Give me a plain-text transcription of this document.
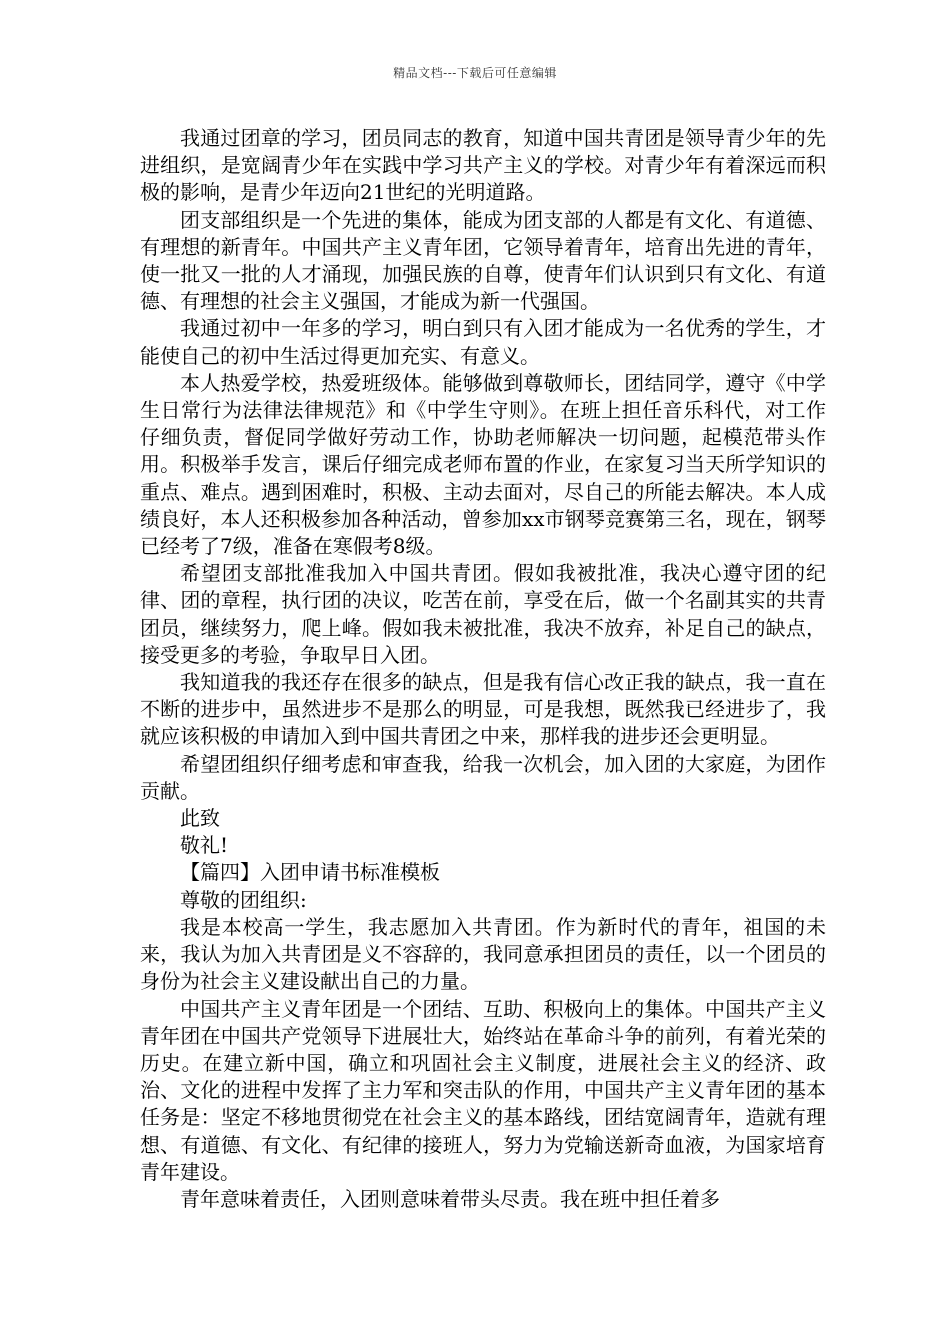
精品文档---下载后可任意编辑

我通过团章的学习，团员同志的教育，知道中国共青团是领导青少年的先进组织，是宽阔青少年在实践中学习共产主义的学校。对青少年有着深远而积极的影响，是青少年迈向21世纪的光明道路。

团支部组织是一个先进的集体，能成为团支部的人都是有文化、有道德、有理想的新青年。中国共产主义青年团，它领导着青年，培育出先进的青年，使一批又一批的人才涌现，加强民族的自尊，使青年们认识到只有文化、有道德、有理想的社会主义强国，才能成为新一代强国。

我通过初中一年多的学习，明白到只有入团才能成为一名优秀的学生，才能使自己的初中生活过得更加充实、有意义。

本人热爱学校，热爱班级体。能够做到尊敬师长，团结同学，遵守《中学生日常行为法律法律规范》和《中学生守则》。在班上担任音乐科代，对工作仔细负责，督促同学做好劳动工作，协助老师解决一切问题，起模范带头作用。积极举手发言，课后仔细完成老师布置的作业，在家复习当天所学知识的重点、难点。遇到困难时，积极、主动去面对，尽自己的所能去解决。本人成绩良好，本人还积极参加各种活动，曾参加xx市钢琴竞赛第三名，现在，钢琴已经考了7级，准备在寒假考8级。

希望团支部批准我加入中国共青团。假如我被批准，我决心遵守团的纪律、团的章程，执行团的决议，吃苦在前，享受在后，做一个名副其实的共青团员，继续努力，爬上峰。假如我未被批准，我决不放弃，补足自己的缺点，接受更多的考验，争取早日入团。

我知道我的我还存在很多的缺点，但是我有信心改正我的缺点，我一直在不断的进步中，虽然进步不是那么的明显，可是我想，既然我已经进步了，我就应该积极的申请加入到中国共青团之中来，那样我的进步还会更明显。

希望团组织仔细考虑和审查我，给我一次机会，加入团的大家庭，为团作贡献。

此致

敬礼!

【篇四】入团申请书标准模板

尊敬的团组织:

我是本校高一学生，我志愿加入共青团。作为新时代的青年，祖国的未来，我认为加入共青团是义不容辞的，我同意承担团员的责任，以一个团员的身份为社会主义建设献出自己的力量。

中国共产主义青年团是一个团结、互助、积极向上的集体。中国共产主义青年团在中国共产党领导下进展壮大，始终站在革命斗争的前列，有着光荣的历史。在建立新中国，确立和巩固社会主义制度，进展社会主义的经济、政治、文化的进程中发挥了主力军和突击队的作用，中国共产主义青年团的基本任务是：坚定不移地贯彻党在社会主义的基本路线，团结宽阔青年，造就有理想、有道德、有文化、有纪律的接班人，努力为党输送新奇血液，为国家培育青年建设。

青年意味着责任，入团则意味着带头尽责。我在班中担任着多
